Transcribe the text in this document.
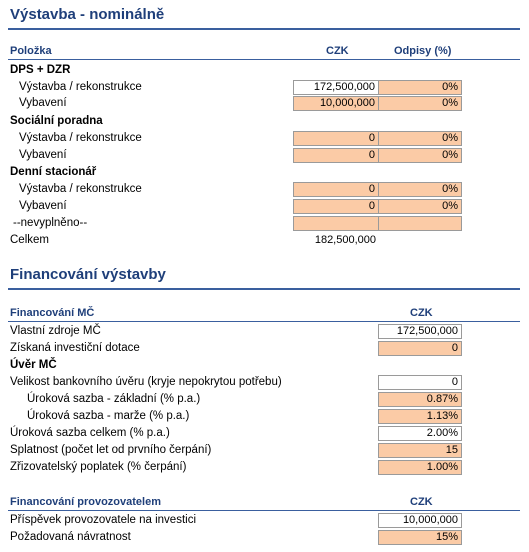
Výstavba - nominálně
Položka	CZK	Odpisy (%)
DPS + DZR
Výstavba / rekonstrukce	172,500,000	0%
Vybavení	10,000,000	0%
Sociální poradna
Výstavba / rekonstrukce	0	0%
Vybavení	0	0%
Denní stacionář
Výstavba / rekonstrukce	0	0%
Vybavení	0	0%
--nevyplněno--
Celkem	182,500,000
Financování výstavby
Financování MČ	CZK
Vlastní zdroje MČ	172,500,000
Získaná investiční dotace	0
Úvěr MČ
Velikost bankovního úvěru (kryje nepokrytou potřebu)	0
Úroková sazba - základní (% p.a.)	0.87%
Úroková sazba - marže (% p.a.)	1.13%
Úroková sazba celkem (% p.a.)	2.00%
Splatnost (počet let od prvního čerpání)	15
Zřizovatelský poplatek (% čerpání)	1.00%
Financování provozovatelem	CZK
Příspěvek provozovatele na investici	10,000,000
Požadovaná návratnost	15%
